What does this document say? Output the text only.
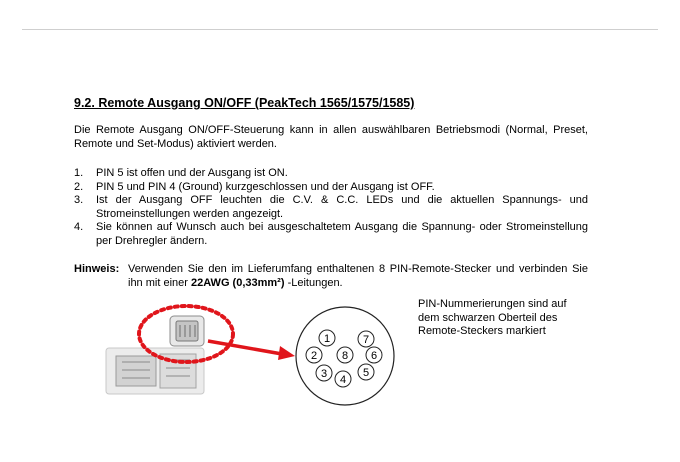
9.2. Remote Ausgang ON/OFF (PeakTech 1565/1575/1585)

Die Remote Ausgang ON/OFF-Steuerung kann in allen auswählbaren Betriebsmodi (Normal, Preset, Remote und Set-Modus) aktiviert werden.

1.	PIN 5 ist offen und der Ausgang ist ON.
2.	PIN 5 und PIN 4 (Ground) kurzgeschlossen und der Ausgang ist OFF.
3.	Ist der Ausgang OFF leuchten die C.V. & C.C. LEDs und die aktuellen Spannungs- und Stromeinstellungen werden angezeigt.
4.	Sie können auf Wunsch auch bei ausgeschaltetem Ausgang die Spannung- oder Stromeinstellung per Drehregler ändern.
Hinweis: Verwenden Sie den im Lieferumfang enthaltenen 8 PIN-Remote-Stecker und verbinden Sie ihn mit einer 22AWG (0,33mm²) -Leitungen.
1	7
2 8 6
3 4
5

PIN-Nummerierungen sind auf dem schwarzen Oberteil des Remote-Steckers markiert
